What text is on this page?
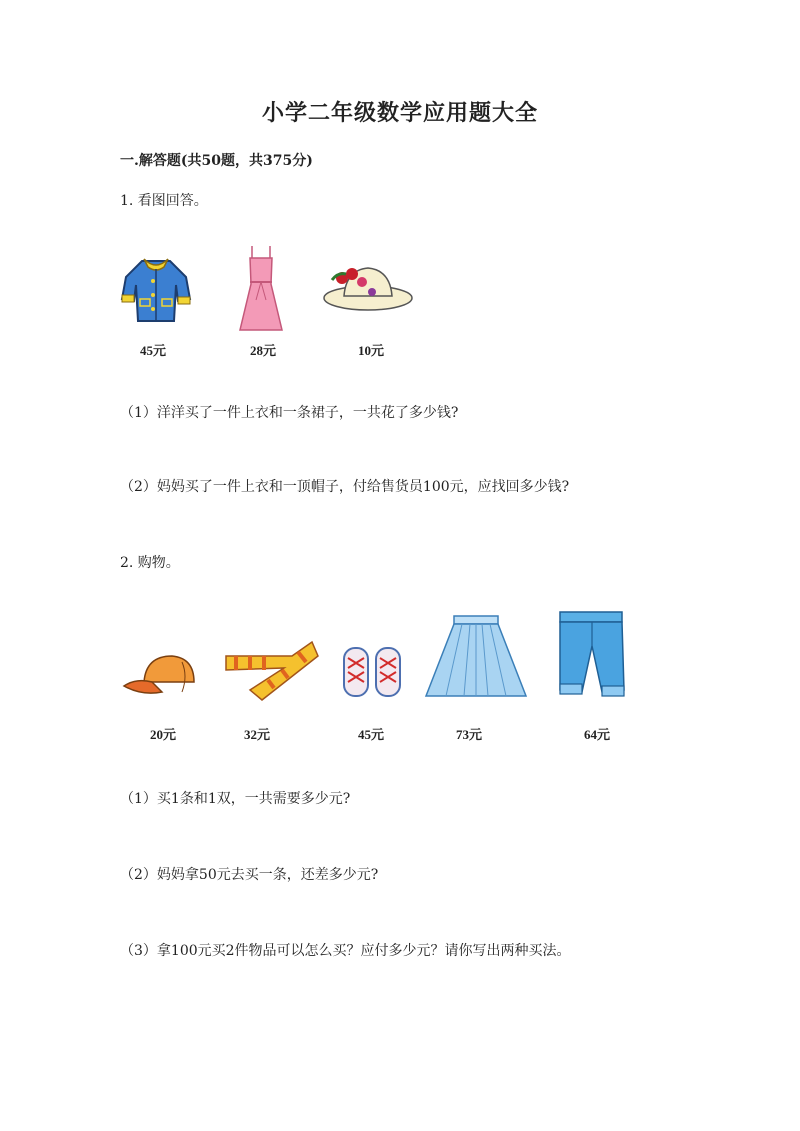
小学二年级数学应用题大全
一.解答题(共50题，共375分)
1. 看图回答。
45元	28元	10元
（1）洋洋买了一件上衣和一条裙子，一共花了多少钱?
（2）妈妈买了一件上衣和一顶帽子，付给售货员100元，应找回多少钱?
2. 购物。
20元	32元	45元	73元	64元
（1）买1条和1双，一共需要多少元?
（2）妈妈拿50元去买一条，还差多少元?
（3）拿100元买2件物品可以怎么买？应付多少元？请你写出两种买法。
